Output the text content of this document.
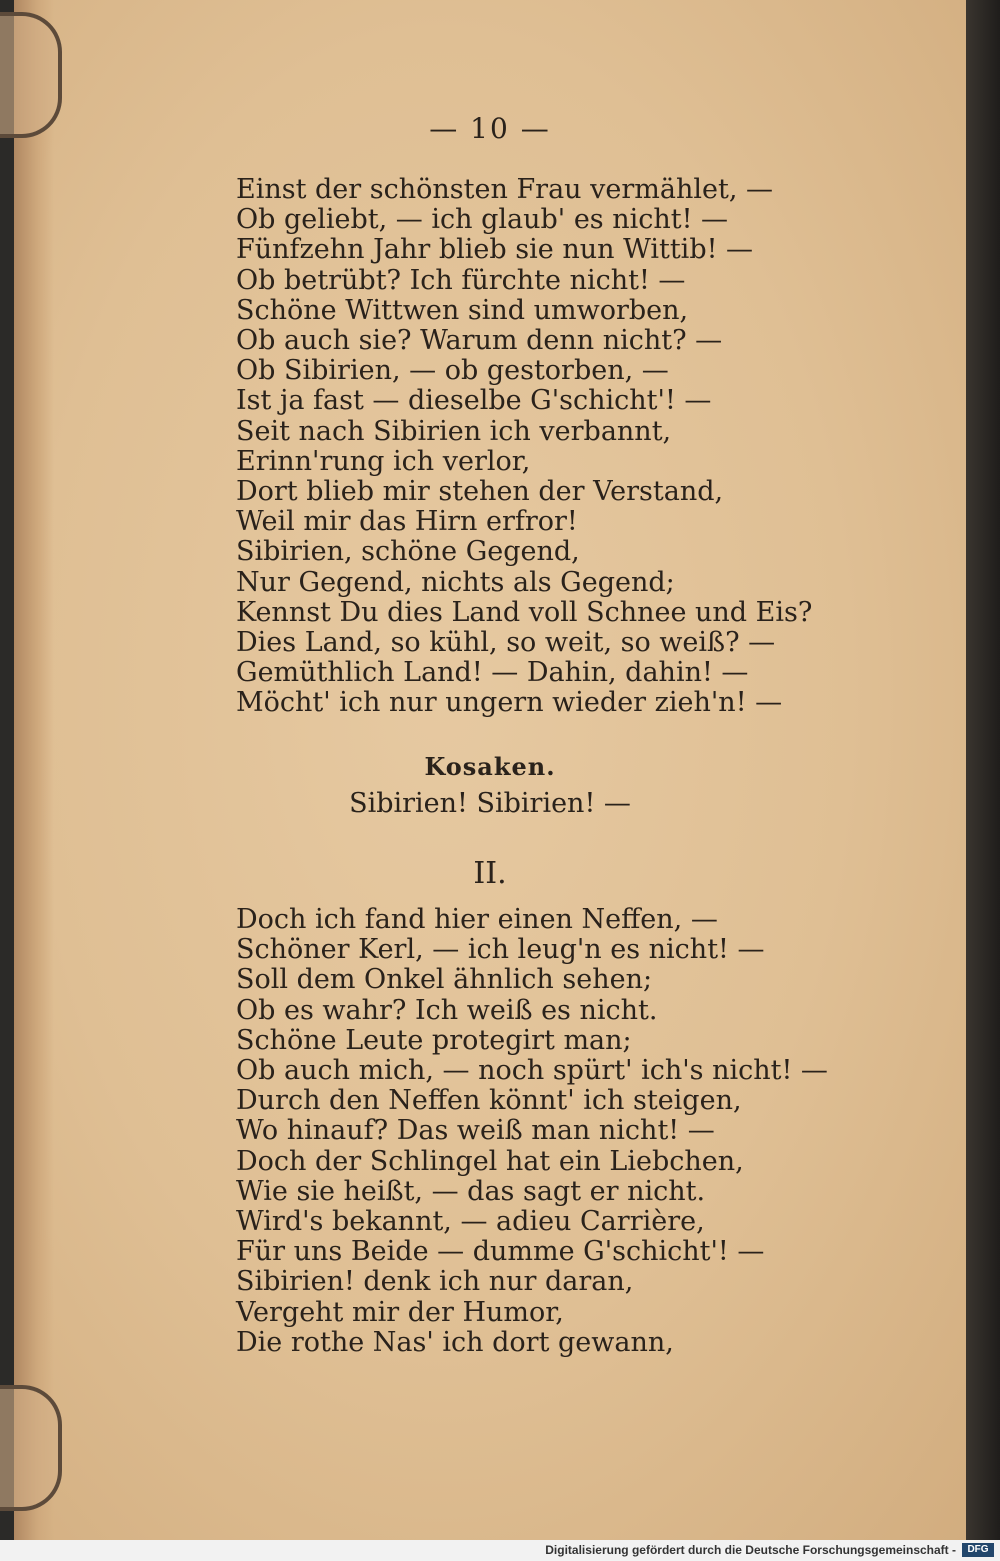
— 10 —
Einst der schönsten Frau vermählet, —
Ob geliebt, — ich glaub' es nicht! —
Fünfzehn Jahr blieb sie nun Wittib! —
Ob betrübt? Ich fürchte nicht! —
Schöne Wittwen sind umworben,
Ob auch sie? Warum denn nicht? —
Ob Sibirien, — ob gestorben, —
Ist ja fast — dieselbe G'schicht'! —
Seit nach Sibirien ich verbannt,
Erinn'rung ich verlor,
Dort blieb mir stehen der Verstand,
Weil mir das Hirn erfror!
Sibirien, schöne Gegend,
Nur Gegend, nichts als Gegend;
Kennst Du dies Land voll Schnee und Eis?
Dies Land, so kühl, so weit, so weiß? —
Gemüthlich Land! — Dahin, dahin! —
Möcht' ich nur ungern wieder zieh'n! —
Kosaken.
Sibirien! Sibirien! —
II.
Doch ich fand hier einen Neffen, —
Schöner Kerl, — ich leug'n es nicht! —
Soll dem Onkel ähnlich sehen;
Ob es wahr? Ich weiß es nicht.
Schöne Leute protegirt man;
Ob auch mich, — noch spürt' ich's nicht! —
Durch den Neffen könnt' ich steigen,
Wo hinauf? Das weiß man nicht! —
Doch der Schlingel hat ein Liebchen,
Wie sie heißt, — das sagt er nicht.
Wird's bekannt, — adieu Carrière,
Für uns Beide — dumme G'schicht'! —
Sibirien! denk ich nur daran,
Vergeht mir der Humor,
Die rothe Nas' ich dort gewann,
Digitalisierung gefördert durch die Deutsche Forschungsgemeinschaft -	DFG
